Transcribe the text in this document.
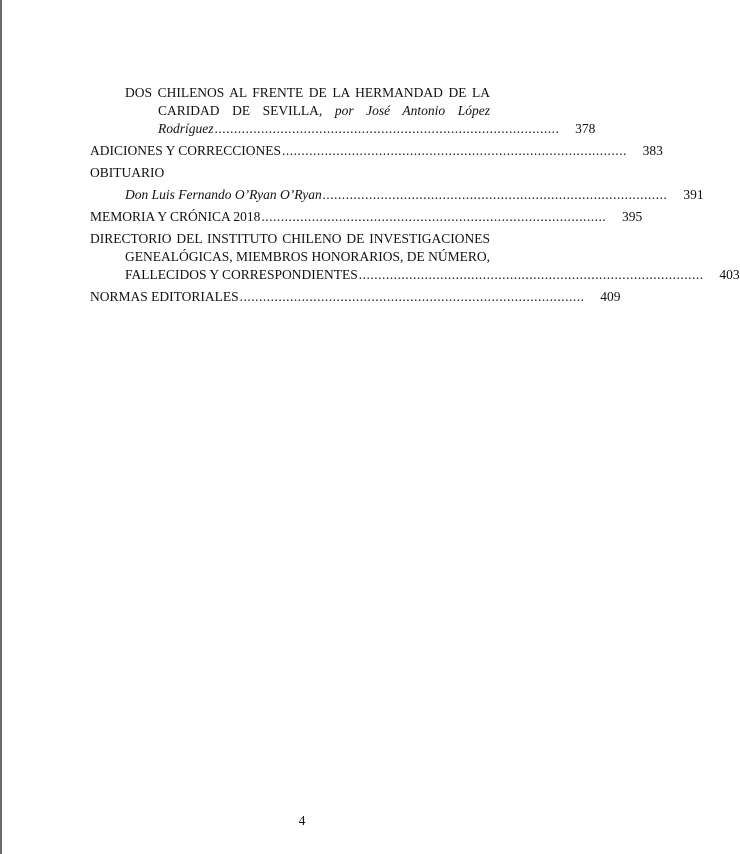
DOS CHILENOS AL FRENTE DE LA HERMANDAD DE LA
CARIDAD DE SEVILLA, por José Antonio López
Rodríguez .........................................................................................	378
ADICIONES Y CORRECCIONES .........................................................................................	383
OBITUARIO
Don Luis Fernando O’Ryan O’Ryan .........................................................................................	391
MEMORIA Y CRÓNICA 2018 .........................................................................................	395
DIRECTORIO DEL INSTITUTO CHILENO DE INVESTIGACIONES
GENEALÓGICAS, MIEMBROS HONORARIOS, DE NÚMERO,
FALLECIDOS Y CORRESPONDIENTES .........................................................................................	403
NORMAS EDITORIALES .........................................................................................	409
4
